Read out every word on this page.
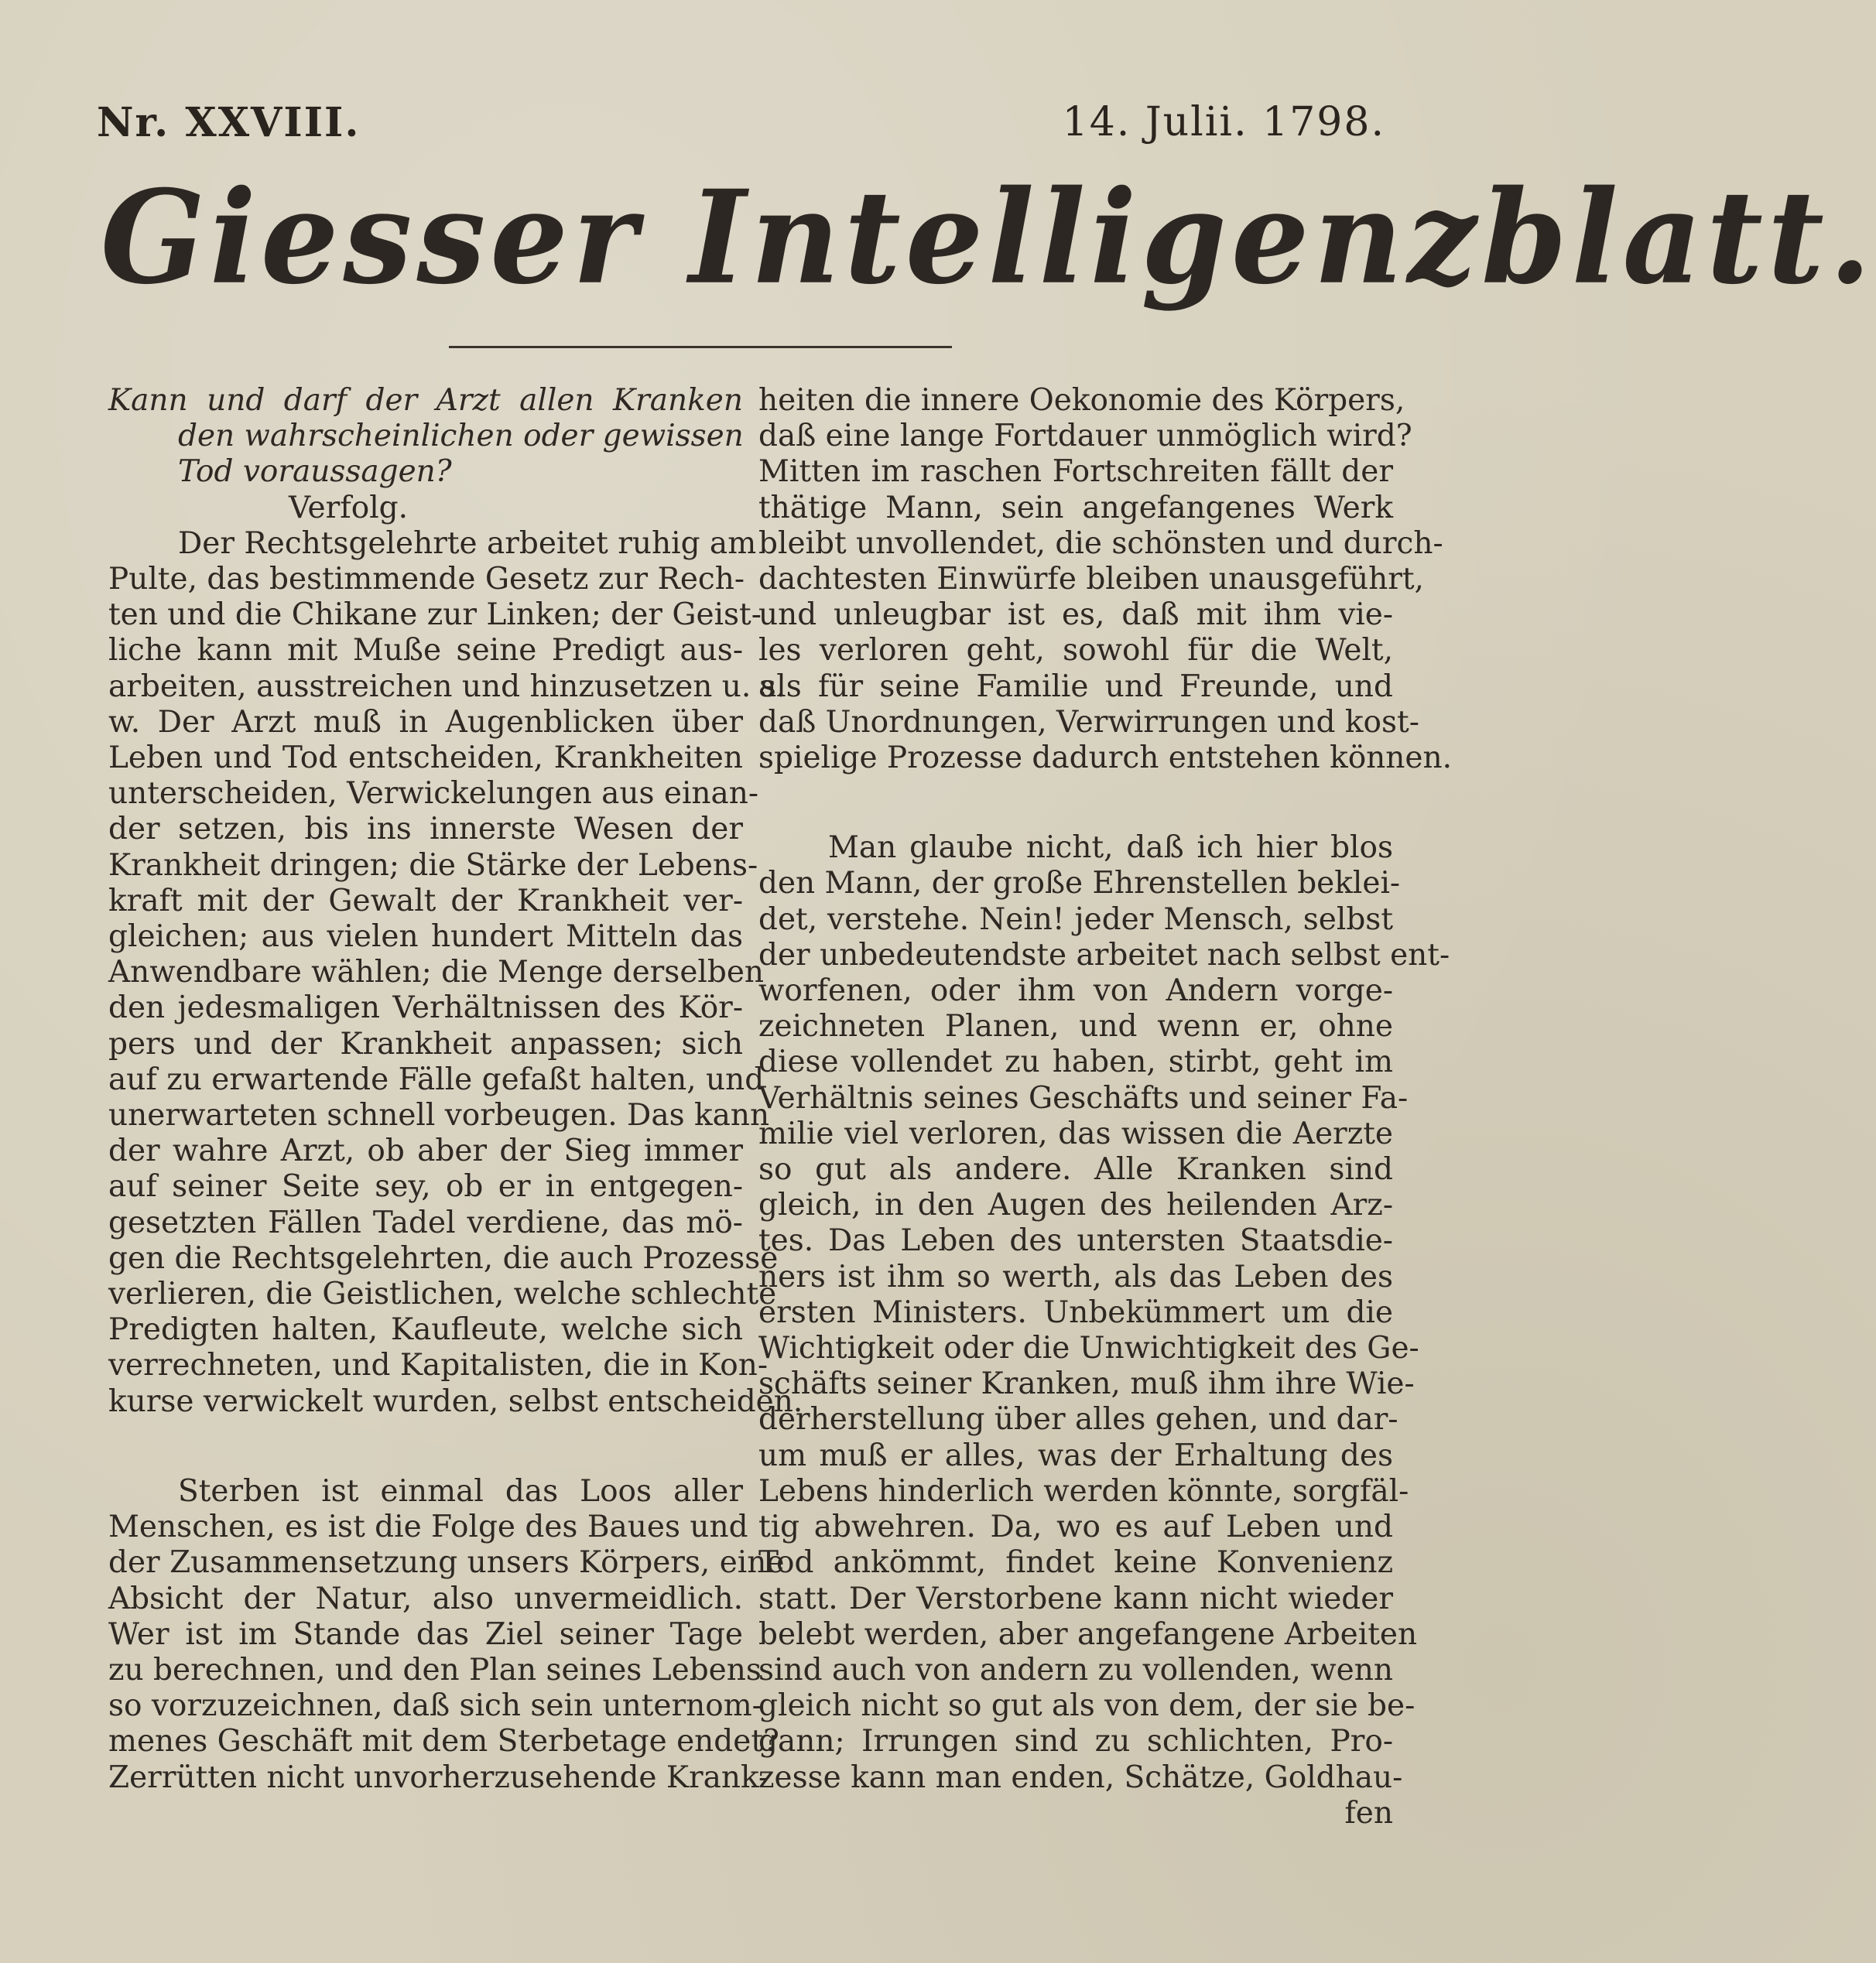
Nr. XXVIII.	14. Julii. 1798.
Giesser Intelligenzblatt.
Kann und darf der Arzt allen Kranken
den wahrscheinlichen oder gewissen
Tod voraussagen?
Verfolg.
Der Rechtsgelehrte arbeitet ruhig am
Pulte, das bestimmende Gesetz zur Rech-
ten und die Chikane zur Linken; der Geist-
liche kann mit Muße seine Predigt aus-
arbeiten, ausstreichen und hinzusetzen u. s.
w. Der Arzt muß in Augenblicken über
Leben und Tod entscheiden, Krankheiten
unterscheiden, Verwickelungen aus einan-
der setzen, bis ins innerste Wesen der
Krankheit dringen; die Stärke der Lebens-
kraft mit der Gewalt der Krankheit ver-
gleichen; aus vielen hundert Mitteln das
Anwendbare wählen; die Menge derselben
den jedesmaligen Verhältnissen des Kör-
pers und der Krankheit anpassen; sich
auf zu erwartende Fälle gefaßt halten, und
unerwarteten schnell vorbeugen. Das kann
der wahre Arzt, ob aber der Sieg immer
auf seiner Seite sey, ob er in entgegen-
gesetzten Fällen Tadel verdiene, das mö-
gen die Rechtsgelehrten, die auch Prozesse
verlieren, die Geistlichen, welche schlechte
Predigten halten, Kaufleute, welche sich
verrechneten, und Kapitalisten, die in Kon-
kurse verwickelt wurden, selbst entscheiden.
Sterben ist einmal das Loos aller
Menschen, es ist die Folge des Baues und
der Zusammensetzung unsers Körpers, eine
Absicht der Natur, also unvermeidlich.
Wer ist im Stande das Ziel seiner Tage
zu berechnen, und den Plan seines Lebens
so vorzuzeichnen, daß sich sein unternom-
menes Geschäft mit dem Sterbetage endet?
Zerrütten nicht unvorherzusehende Krank-
heiten die innere Oekonomie des Körpers,
daß eine lange Fortdauer unmöglich wird?
Mitten im raschen Fortschreiten fällt der
thätige Mann, sein angefangenes Werk
bleibt unvollendet, die schönsten und durch-
dachtesten Einwürfe bleiben unausgeführt,
und unleugbar ist es, daß mit ihm vie-
les verloren geht, sowohl für die Welt,
als für seine Familie und Freunde, und
daß Unordnungen, Verwirrungen und kost-
spielige Prozesse dadurch entstehen können.
Man glaube nicht, daß ich hier blos
den Mann, der große Ehrenstellen beklei-
det, verstehe. Nein! jeder Mensch, selbst
der unbedeutendste arbeitet nach selbst ent-
worfenen, oder ihm von Andern vorge-
zeichneten Planen, und wenn er, ohne
diese vollendet zu haben, stirbt, geht im
Verhältnis seines Geschäfts und seiner Fa-
milie viel verloren, das wissen die Aerzte
so gut als andere. Alle Kranken sind
gleich, in den Augen des heilenden Arz-
tes. Das Leben des untersten Staatsdie-
ners ist ihm so werth, als das Leben des
ersten Ministers. Unbekümmert um die
Wichtigkeit oder die Unwichtigkeit des Ge-
schäfts seiner Kranken, muß ihm ihre Wie-
derherstellung über alles gehen, und dar-
um muß er alles, was der Erhaltung des
Lebens hinderlich werden könnte, sorgfäl-
tig abwehren. Da, wo es auf Leben und
Tod ankömmt, findet keine Konvenienz
statt. Der Verstorbene kann nicht wieder
belebt werden, aber angefangene Arbeiten
sind auch von andern zu vollenden, wenn
gleich nicht so gut als von dem, der sie be-
gann; Irrungen sind zu schlichten, Pro-
zesse kann man enden, Schätze, Goldhau-
fen
